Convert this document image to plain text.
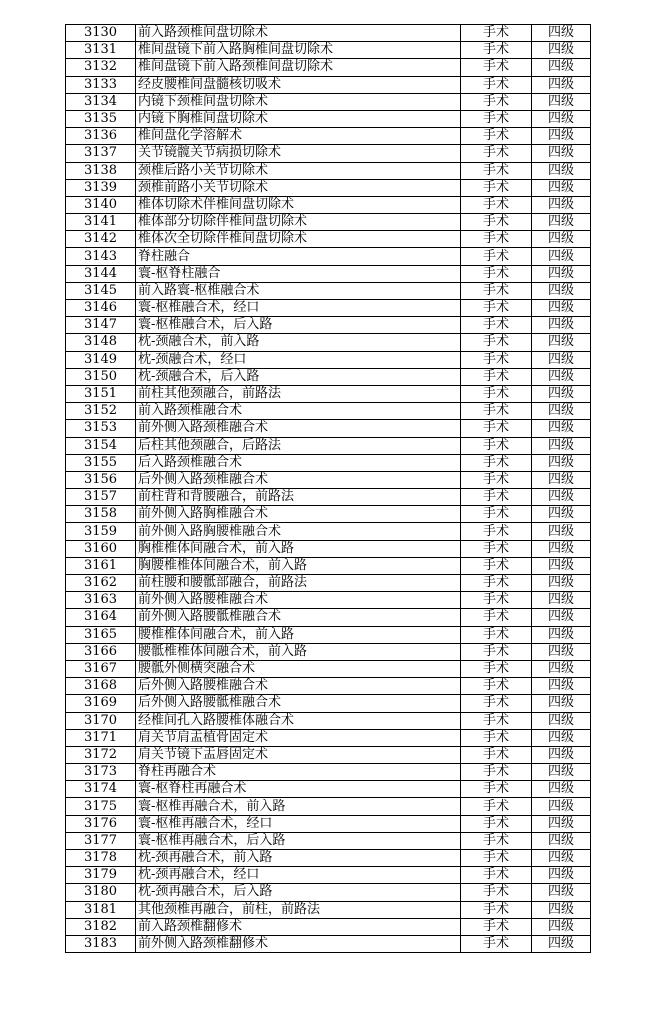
3130	前入路颈椎间盘切除术	手术	四级
3131	椎间盘镜下前入路胸椎间盘切除术	手术	四级
3132	椎间盘镜下前入路颈椎间盘切除术	手术	四级
3133	经皮腰椎间盘髓核切吸术	手术	四级
3134	内镜下颈椎间盘切除术	手术	四级
3135	内镜下胸椎间盘切除术	手术	四级
3136	椎间盘化学溶解术	手术	四级
3137	关节镜髋关节病损切除术	手术	四级
3138	颈椎后路小关节切除术	手术	四级
3139	颈椎前路小关节切除术	手术	四级
3140	椎体切除术伴椎间盘切除术	手术	四级
3141	椎体部分切除伴椎间盘切除术	手术	四级
3142	椎体次全切除伴椎间盘切除术	手术	四级
3143	脊柱融合	手术	四级
3144	寰-枢脊柱融合	手术	四级
3145	前入路寰-枢椎融合术	手术	四级
3146	寰-枢椎融合术，经口	手术	四级
3147	寰-枢椎融合术，后入路	手术	四级
3148	枕-颈融合术，前入路	手术	四级
3149	枕-颈融合术，经口	手术	四级
3150	枕-颈融合术，后入路	手术	四级
3151	前柱其他颈融合，前路法	手术	四级
3152	前入路颈椎融合术	手术	四级
3153	前外侧入路颈椎融合术	手术	四级
3154	后柱其他颈融合，后路法	手术	四级
3155	后入路颈椎融合术	手术	四级
3156	后外侧入路颈椎融合术	手术	四级
3157	前柱背和背腰融合，前路法	手术	四级
3158	前外侧入路胸椎融合术	手术	四级
3159	前外侧入路胸腰椎融合术	手术	四级
3160	胸椎椎体间融合术，前入路	手术	四级
3161	胸腰椎椎体间融合术，前入路	手术	四级
3162	前柱腰和腰骶部融合，前路法	手术	四级
3163	前外侧入路腰椎融合术	手术	四级
3164	前外侧入路腰骶椎融合术	手术	四级
3165	腰椎椎体间融合术，前入路	手术	四级
3166	腰骶椎椎体间融合术，前入路	手术	四级
3167	腰骶外侧横突融合术	手术	四级
3168	后外侧入路腰椎融合术	手术	四级
3169	后外侧入路腰骶椎融合术	手术	四级
3170	经椎间孔入路腰椎体融合术	手术	四级
3171	肩关节肩盂植骨固定术	手术	四级
3172	肩关节镜下盂唇固定术	手术	四级
3173	脊柱再融合术	手术	四级
3174	寰-枢脊柱再融合术	手术	四级
3175	寰-枢椎再融合术，前入路	手术	四级
3176	寰-枢椎再融合术，经口	手术	四级
3177	寰-枢椎再融合术，后入路	手术	四级
3178	枕-颈再融合术，前入路	手术	四级
3179	枕-颈再融合术，经口	手术	四级
3180	枕-颈再融合术，后入路	手术	四级
3181	其他颈椎再融合，前柱，前路法	手术	四级
3182	前入路颈椎翻修术	手术	四级
3183	前外侧入路颈椎翻修术	手术	四级
